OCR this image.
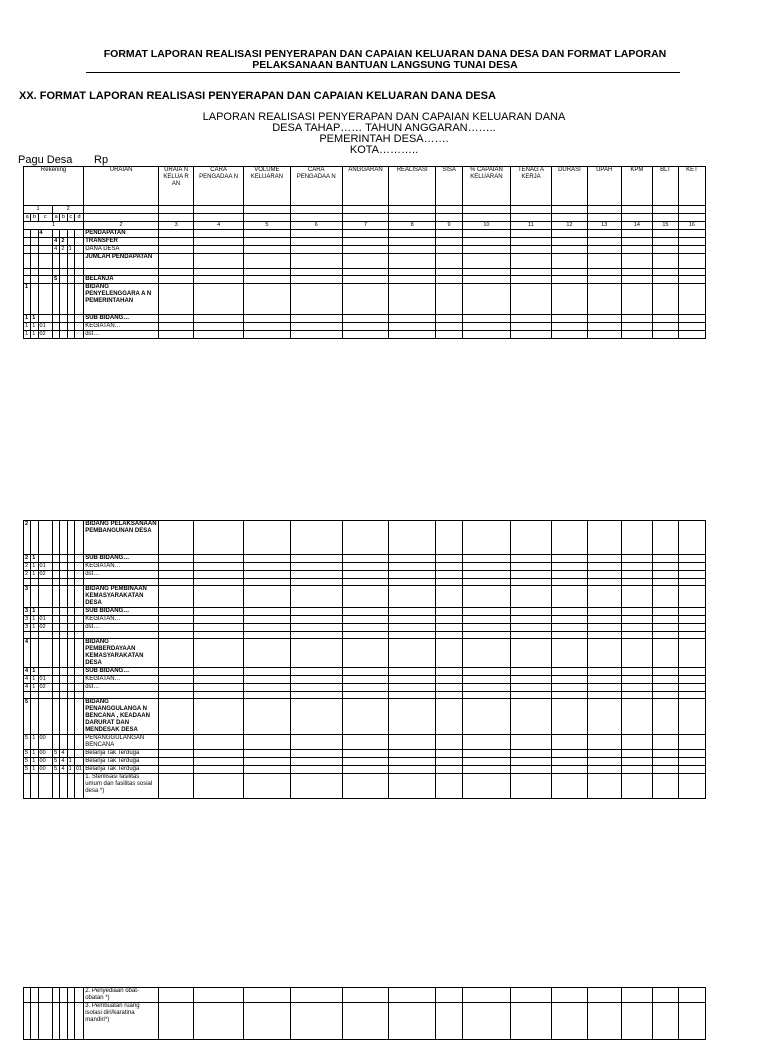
FORMAT LAPORAN REALISASI PENYERAPAN DAN CAPAIAN KELUARAN DANA DESA DAN FORMAT LAPORAN
PELAKSANAAN BANTUAN LANGSUNG TUNAI DESA
XX. FORMAT LAPORAN REALISASI PENYERAPAN DAN CAPAIAN KELUARAN DANA DESA
LAPORAN REALISASI PENYERAPAN DAN CAPAIAN KELUARAN DANA
DESA TAHAP…… TAHUN ANGGARAN……..
PEMERINTAH DESA…….
KOTA………..
Pagu Desa Rp
Rekening							URAIAN	URAIA N KELUA R AN	CARA PENGADAA N	VOLUME KELUARAN	CARA PENGADAA N	ANGGARAN	REALISASI	SISA	% CAPAIAN KELUARAN	TENAG A KERJA	DURASI	UPAH	KPM	BLT	KET
1			2																		
a	b	c	a	b	c	d															
1							2	3	4	5	6	7	8	9	10	11	12	13	14	15	16
		4					PENDAPATAN														
			4	2			TRANSFER														
			4	2	1		DANA DESA														
							JUMLAH PENDAPATAN														

			5				BELANJA														
1							BIDANG PENYELENGGARA A N PEMERINTAHAN														
1	1						SUB BIDANG…														
1	1	01					KEGIATAN…														
1	1	02					dst…														
2							BIDANG PELAKSANAAN PEMBANGUNAN DESA														
2	1						SUB BIDANG…														
2	1	01					KEGIATAN…														
2	1	02					dst…														

3							BIDANG PEMBINAAN KEMASYARAKATAN DESA														
3	1						SUB BIDANG…														
3	1	01					KEGIATAN…														
3	1	02					dst…														

4							BIDANG PEMBERDAYAAN KEMASYARAKATAN DESA														
4	1						SUB BIDANG…														
4	1	01					KEGIATAN…														
4	1	02					dst…														

5							BIDANG PENANGGULANGA N BENCANA , KEADAAN DARURAT DAN MENDESAK DESA														
5	1	00					PENANGGULANGAN BENCANA														
5	1	00	5	4			Belanja Tak Terduga														
5	1	00	5	4	1		Belanja Tak Terduga														
5	1	00	5	4	1	01	Belanja Tak Terduga														
							1. Sterilisasi fasilitas umum dan fasilitas sosial desa *)														
							2. Penyediaan obat-obatan *)														
							3. Pembuatan ruang isolasi diri/karatina mandiri*)														
